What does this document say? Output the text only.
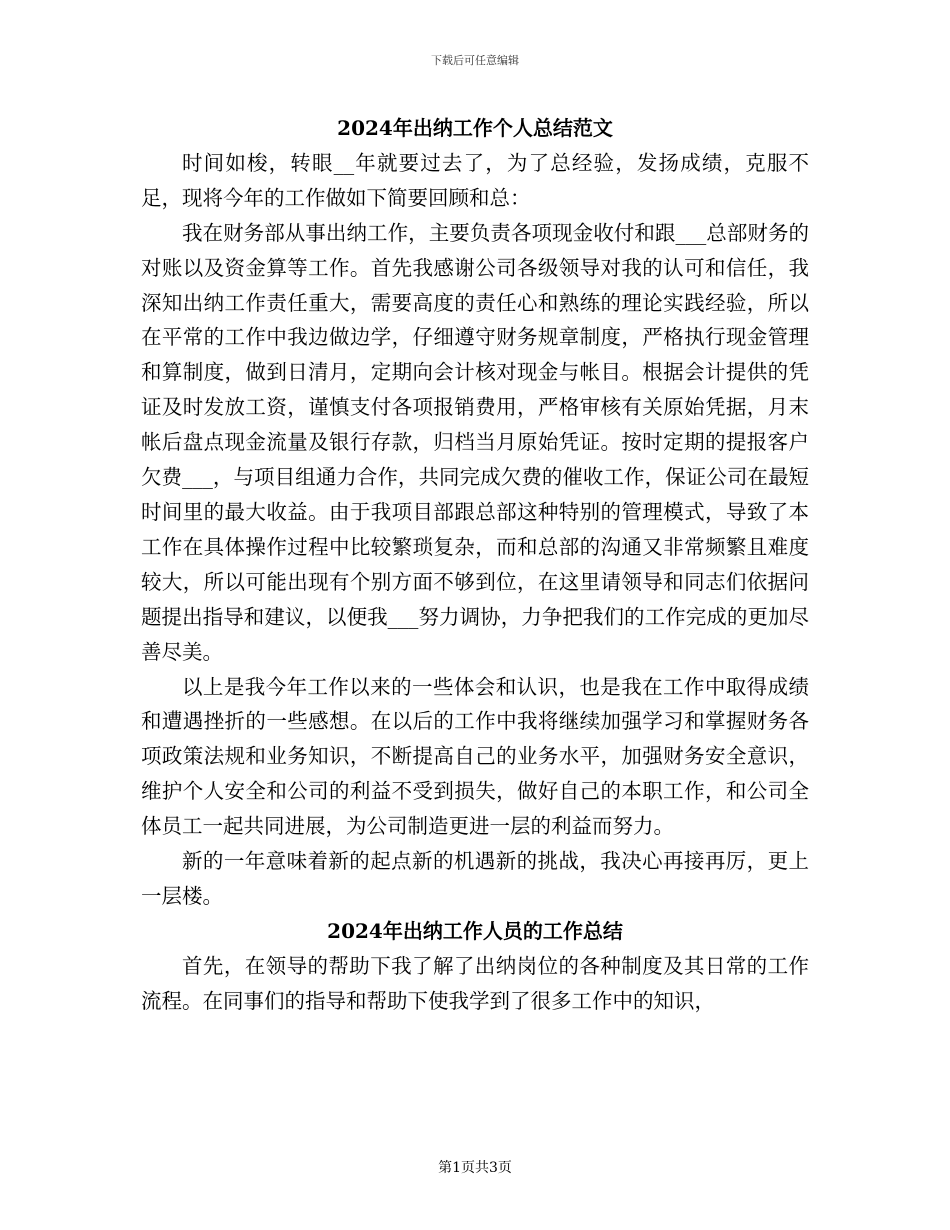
下载后可任意编辑

2024年出纳工作个人总结范文

时间如梭，转眼__年就要过去了，为了总经验，发扬成绩，克服不足，现将今年的工作做如下简要回顾和总：

我在财务部从事出纳工作，主要负责各项现金收付和跟___总部财务的对账以及资金算等工作。首先我感谢公司各级领导对我的认可和信任，我深知出纳工作责任重大，需要高度的责任心和熟练的理论实践经验，所以在平常的工作中我边做边学，仔细遵守财务规章制度，严格执行现金管理和算制度，做到日清月，定期向会计核对现金与帐目。根据会计提供的凭证及时发放工资，谨慎支付各项报销费用，严格审核有关原始凭据，月末帐后盘点现金流量及银行存款，归档当月原始凭证。按时定期的提报客户欠费___，与项目组通力合作，共同完成欠费的催收工作，保证公司在最短时间里的最大收益。由于我项目部跟总部这种特别的管理模式，导致了本工作在具体操作过程中比较繁琐复杂，而和总部的沟通又非常频繁且难度较大，所以可能出现有个别方面不够到位，在这里请领导和同志们依据问题提出指导和建议，以便我___努力调协，力争把我们的工作完成的更加尽善尽美。

以上是我今年工作以来的一些体会和认识，也是我在工作中取得成绩和遭遇挫折的一些感想。在以后的工作中我将继续加强学习和掌握财务各项政策法规和业务知识，不断提高自己的业务水平，加强财务安全意识，维护个人安全和公司的利益不受到损失，做好自己的本职工作，和公司全体员工一起共同进展，为公司制造更进一层的利益而努力。

新的一年意味着新的起点新的机遇新的挑战，我决心再接再厉，更上一层楼。

2024年出纳工作人员的工作总结

首先，在领导的帮助下我了解了出纳岗位的各种制度及其日常的工作流程。在同事们的指导和帮助下使我学到了很多工作中的知识，

第1页共3页
